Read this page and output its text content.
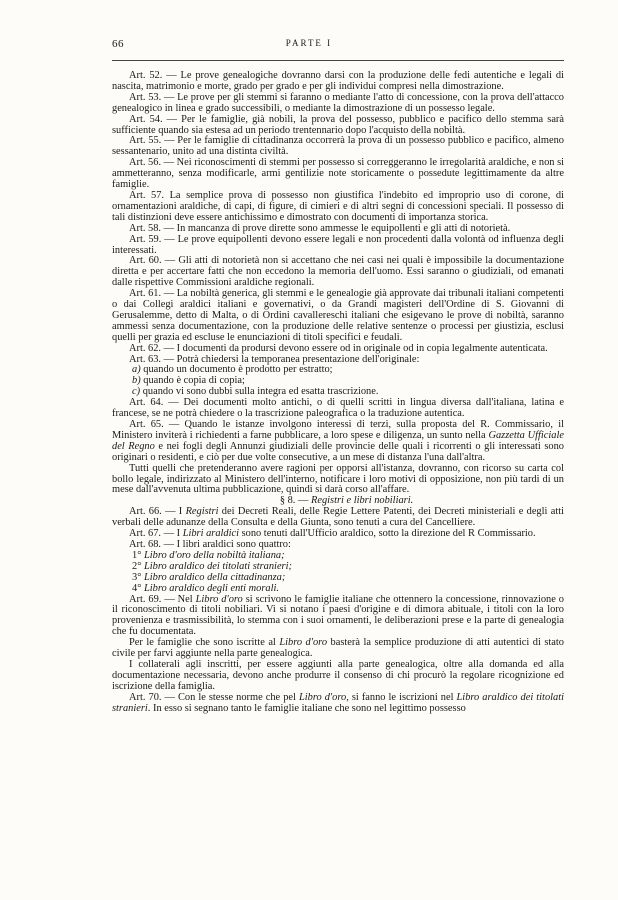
66	PARTE I

Art. 52. — Le prove genealogiche dovranno darsi con la produzione delle fedi autentiche e legali di nascita, matrimonio e morte, grado per grado e per gli individui compresi nella dimostrazione.

Art. 53. — Le prove per gli stemmi si faranno o mediante l'atto di concessione, con la prova dell'attacco genealogico in linea e grado successibili, o mediante la dimostrazione di un possesso legale.

Art. 54. — Per le famiglie, già nobili, la prova del possesso, pubblico e pacifico dello stemma sarà sufficiente quando sia estesa ad un periodo trentennario dopo l'acquisto della nobiltà.

Art. 55. — Per le famiglie di cittadinanza occorrerà la prova di un possesso pubblico e pacifico, almeno sessantenario, unito ad una distinta civiltà.

Art. 56. — Nei riconoscimenti di stemmi per possesso si correggeranno le irregolarità araldiche, e non si ammetteranno, senza modificarle, armi gentilizie note storicamente o possedute legittimamente da altre famiglie.

Art. 57. La semplice prova di possesso non giustifica l'indebito ed improprio uso di corone, di ornamentazioni araldiche, di capi, di figure, di cimieri e di altri segni di concessioni speciali. Il possesso di tali distinzioni deve essere antichissimo e dimostrato con documenti di importanza storica.

Art. 58. — In mancanza di prove dirette sono ammesse le equipollenti e gli atti di notorietà.

Art. 59. — Le prove equipollenti devono essere legali e non procedenti dalla volontà od influenza degli interessati.

Art. 60. — Gli atti di notorietà non si accettano che nei casi nei quali è impossibile la documentazione diretta e per accertare fatti che non eccedono la memoria dell'uomo. Essi saranno o giudiziali, od emanati dalle rispettive Commissioni araldiche regionali.

Art. 61. — La nobiltà generica, gli stemmi e le genealogie già approvate dai tribunali italiani competenti o dai Collegi araldici italiani e governativi, o da Grandi magisteri dell'Ordine di S. Giovanni di Gerusalemme, detto di Malta, o di Ordini cavallereschi italiani che esigevano le prove di nobiltà, saranno ammessi senza documentazione, con la produzione delle relative sentenze o processi per giustizia, esclusi quelli per grazia ed escluse le enunciazioni di titoli specifici e feudali.

Art. 62. — I documenti da prodursi devono essere od in originale od in copia legalmente autenticata.

Art. 63. — Potrà chiedersi la temporanea presentazione dell'originale:

a) quando un documento è prodotto per estratto;

b) quando è copia di copia;

c) quando vi sono dubbi sulla integra ed esatta trascrizione.

Art. 64. — Dei documenti molto antichi, o di quelli scritti in lingua diversa dall'italiana, latina e francese, se ne potrà chiedere o la trascrizione paleografica o la traduzione autentica.

Art. 65. — Quando le istanze involgono interessi di terzi, sulla proposta del R. Commissario, il Ministero inviterà i richiedenti a farne pubblicare, a loro spese e diligenza, un sunto nella Gazzetta Ufficiale del Regno e nei fogli degli Annunzi giudiziali delle provincie delle quali i ricorrenti o gli interessati sono originari o residenti, e ciò per due volte consecutive, a un mese di distanza l'una dall'altra.

Tutti quelli che pretenderanno avere ragioni per opporsi all'istanza, dovranno, con ricorso su carta col bollo legale, indirizzato al Ministero dell'interno, notificare i loro motivi di opposizione, non più tardi di un mese dall'avvenuta ultima pubblicazione, quindi si darà corso all'affare.

§ 8. — Registri e libri nobiliari.

Art. 66. — I Registri dei Decreti Reali, delle Regie Lettere Patenti, dei Decreti ministeriali e degli atti verbali delle adunanze della Consulta e della Giunta, sono tenuti a cura del Cancelliere.

Art. 67. — I Libri araldici sono tenuti dall'Ufficio araldico, sotto la direzione del R Commissario.

Art. 68. — I libri araldici sono quattro:

1° Libro d'oro della nobiltà italiana;

2° Libro araldico dei titolati stranieri;

3° Libro araldico della cittadinanza;

4° Libro araldico degli enti morali.

Art. 69. — Nel Libro d'oro si scrivono le famiglie italiane che ottennero la concessione, rinnovazione o il riconoscimento di titoli nobiliari. Vi si notano i paesi d'origine e di dimora abituale, i titoli con la loro provenienza e trasmissibilità, lo stemma con i suoi ornamenti, le deliberazioni prese e la parte di genealogia che fu documentata.

Per le famiglie che sono iscritte al Libro d'oro basterà la semplice produzione di atti autentici di stato civile per farvi aggiunte nella parte genealogica.

I collaterali agli inscritti, per essere aggiunti alla parte genealogica, oltre alla domanda ed alla documentazione necessaria, devono anche produrre il consenso di chi procurò la regolare ricognizione ed iscrizione della famiglia.

Art. 70. — Con le stesse norme che pel Libro d'oro, si fanno le iscrizioni nel Libro araldico dei titolati stranieri. In esso si segnano tanto le famiglie italiane che sono nel legittimo possesso
